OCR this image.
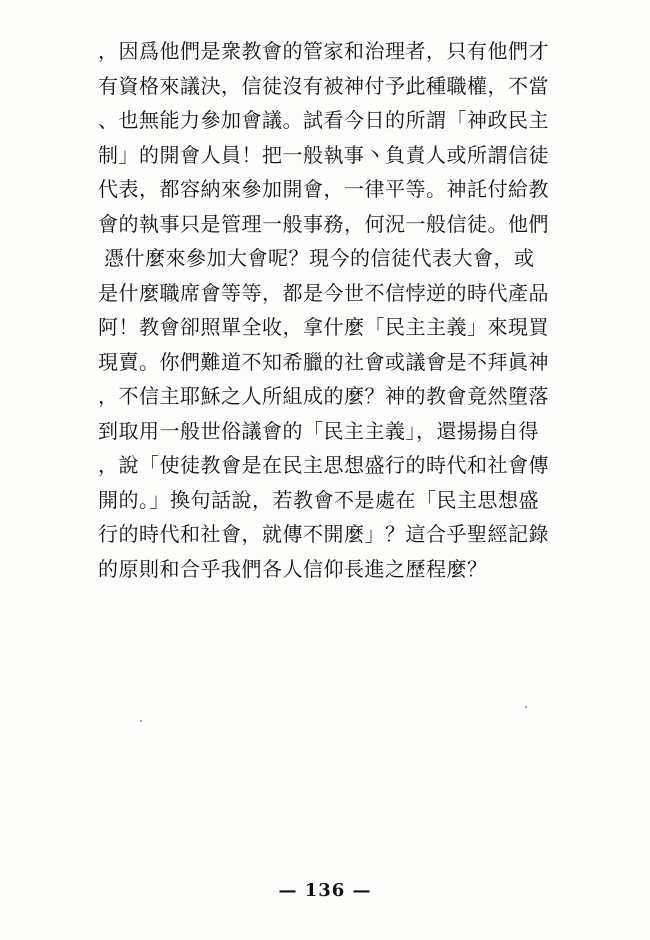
，因爲他們是衆教會的管家和治理者，只有他們才
有資格來議決，信徒沒有被神付予此種職權，不當
、也無能力參加會議。試看今日的所謂「神政民主
制」的開會人員！把一般執事丶負責人或所謂信徒
代表，都容納來參加開會，一律平等。神託付給教
會的執事只是管理一般事務，何況一般信徒。他們
憑什麼來參加大會呢？現今的信徒代表大會，或
是什麼職席會等等，都是今世不信悖逆的時代產品
阿！教會卻照單全收，拿什麼「民主主義」來現買
現賣。你們難道不知希臘的社會或議會是不拜眞神
，不信主耶穌之人所組成的麼？神的教會竟然墮落
到取用一般世俗議會的「民主主義」，還揚揚自得
，說「使徒教會是在民主思想盛行的時代和社會傳
開的。」換句話說，若教會不是處在「民主思想盛
行的時代和社會，就傳不開麼」？這合乎聖經記錄
的原則和合乎我們各人信仰長進之歷程麼？
— 136 —
